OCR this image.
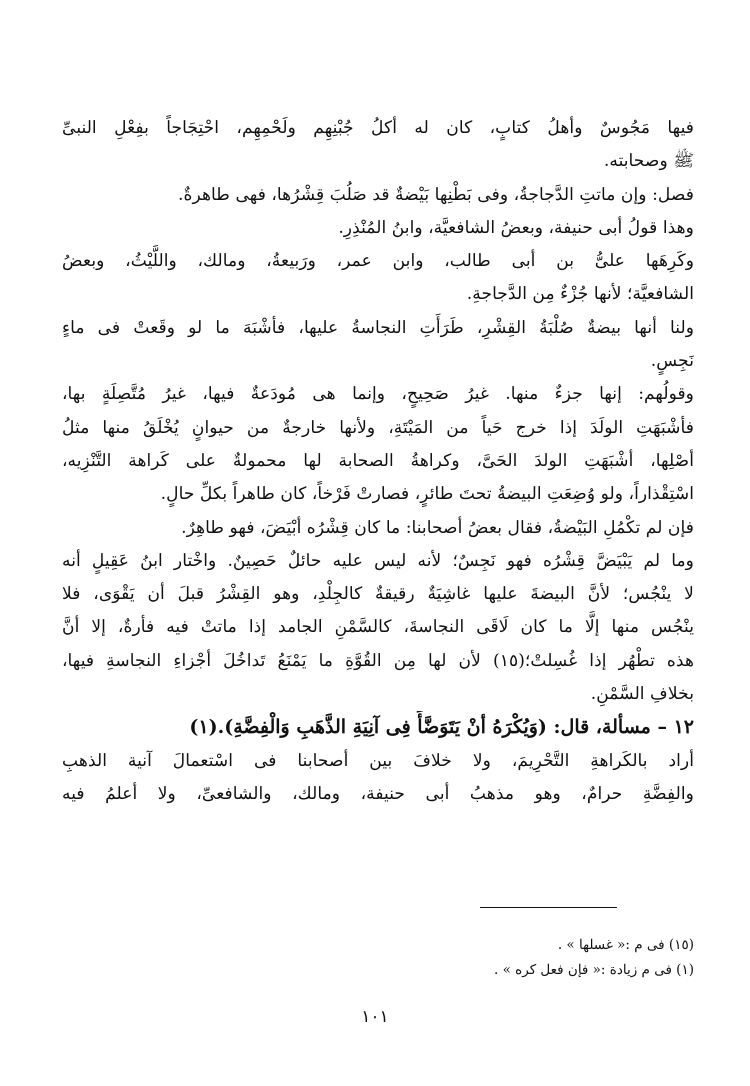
فيها مَجُوسٌ وأهلُ كتابٍ، كان له أكلُ جُبْنِهِم ولَحْمِهِم، احْتِجَاجاً بفِعْلِ النبىِّ
ﷺ وصحابته.
فصل: وإن ماتتِ الدَّجاجةُ، وفى بَطْنِها بَيْضةٌ قد صَلُبَ قِشْرُها، فهى طاهرةٌ.
وهذا قولُ أبى حنيفة، وبعضُ الشافعيَّة، وابنُ المُنْذِرِ.
وكَرِهَها علىُّ بن أبى طالب، وابن عمر، ورَبيعةُ، ومالك، واللَّيْثُ، وبعضُ
الشافعيَّة؛ لأنها جُزْءٌ مِن الدَّجاجةِ.
ولنا أنها بيضةٌ صُلْبَةُ القِشْرِ، طَرَأَتِ النجاسةُ عليها، فأشْبَهَ ما لو وقَعتْ فى ماءٍ
نَجِسٍ.
وقولُهم: إنها جزءٌ منها. غيرُ صَحِيحٍ، وإنما هى مُودَعةٌ فيها، غيرُ مُتَّصِلَةٍ بها،
فأشْبَهَتِ الولَدَ إذا خرج حَياً من المَيْتَةِ، ولأنها خارجةٌ من حيوانٍ يُخْلَقُ منها مثلُ
أصْلِها، أشْبَهَتِ الولدَ الحَىَّ، وكراهةُ الصحابة لها محمولةٌ على كَراهة التَّنْزِيه،
اسْتِقْذاراً، ولو وُضِعَتِ البيضةُ تحتَ طائرٍ، فصارتْ فَرْخاً، كان طاهراً بكلِّ حالٍ.
فإن لم تكْمُلِ البَيْضةُ، فقال بعضُ أصحابنا: ما كان قِشْرُه أبْيَضَ، فهو طاهِرٌ.
وما لم يَبْيَضَّ قِشْرُه فهو نَجِسٌ؛ لأنه ليس عليه حائلٌ حَصِينٌ. واخْتار ابنُ عَقِيلٍ أنه
لا ينْجُس؛ لأنَّ البيضةَ عليها غاشِيَةٌ رقيقةٌ كالجِلْدِ، وهو القِشْرُ قبلَ أن يَقْوَى، فلا
ينْجُس منها إلَّا ما كان لَاقَى النجاسةَ، كالسَّمْنِ الجامد إذا ماتتْ فيه فأرةٌ، إلا أنَّ
هذه تطْهُر إذا غُسِلتْ؛(١٥) لأن لها مِن القُوَّةِ ما يَمْنَعُ تَداخُلَ أجْزاءِ النجاسةِ فيها،
بخلافِ السَّمْنِ.
١٢ – مسألة، قال: (وَيُكْرَهُ أنْ يَتَوَضَّأَ فِى آنِيَةِ الذَّهَبِ وَالْفِضَّةِ).(١)
أراد بالكَراهةِ التَّحْرِيمَ، ولا خلافَ بين أصحابنا فى اسْتعمالَ آنية الذهبِ
والفِضَّةِ حرامٌ، وهو مذهبُ أبى حنيفة، ومالك، والشافعىِّ، ولا أعلمُ فيه
(١٥) فى م :« غسلها » .
(١) فى م زيادة :« فإن فعل كره » .
١٠١
